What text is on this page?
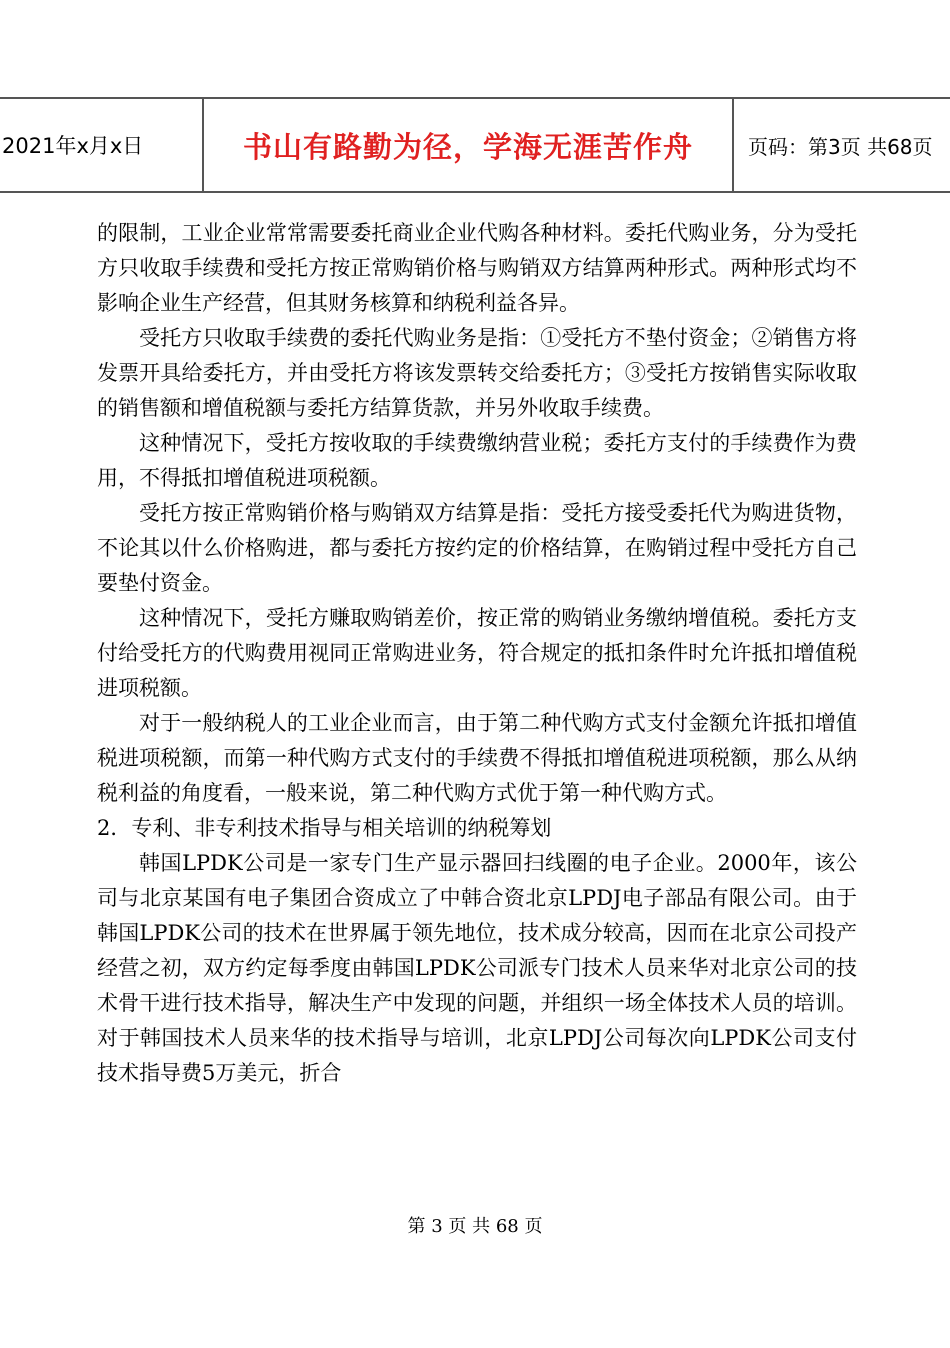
2021年x月x日	书山有路勤为径，学海无涯苦作舟	页码：第3页 共68页

的限制，工业企业常常需要委托商业企业代购各种材料。委托代购业务，分为受托方只收取手续费和受托方按正常购销价格与购销双方结算两种形式。两种形式均不影响企业生产经营，但其财务核算和纳税利益各异。

受托方只收取手续费的委托代购业务是指：①受托方不垫付资金；②销售方将发票开具给委托方，并由受托方将该发票转交给委托方；③受托方按销售实际收取的销售额和增值税额与委托方结算货款，并另外收取手续费。

这种情况下，受托方按收取的手续费缴纳营业税；委托方支付的手续费作为费用，不得抵扣增值税进项税额。

受托方按正常购销价格与购销双方结算是指：受托方接受委托代为购进货物，不论其以什么价格购进，都与委托方按约定的价格结算，在购销过程中受托方自己要垫付资金。

这种情况下，受托方赚取购销差价，按正常的购销业务缴纳增值税。委托方支付给受托方的代购费用视同正常购进业务，符合规定的抵扣条件时允许抵扣增值税进项税额。

对于一般纳税人的工业企业而言，由于第二种代购方式支付金额允许抵扣增值税进项税额，而第一种代购方式支付的手续费不得抵扣增值税进项税额，那么从纳税利益的角度看，一般来说，第二种代购方式优于第一种代购方式。

2．专利、非专利技术指导与相关培训的纳税筹划

韩国LPDK公司是一家专门生产显示器回扫线圈的电子企业。2000年，该公司与北京某国有电子集团合资成立了中韩合资北京LPDJ电子部品有限公司。由于韩国LPDK公司的技术在世界属于领先地位，技术成分较高，因而在北京公司投产经营之初，双方约定每季度由韩国LPDK公司派专门技术人员来华对北京公司的技术骨干进行技术指导，解决生产中发现的问题，并组织一场全体技术人员的培训。对于韩国技术人员来华的技术指导与培训，北京LPDJ公司每次向LPDK公司支付技术指导费5万美元，折合

第 3 页 共 68 页
